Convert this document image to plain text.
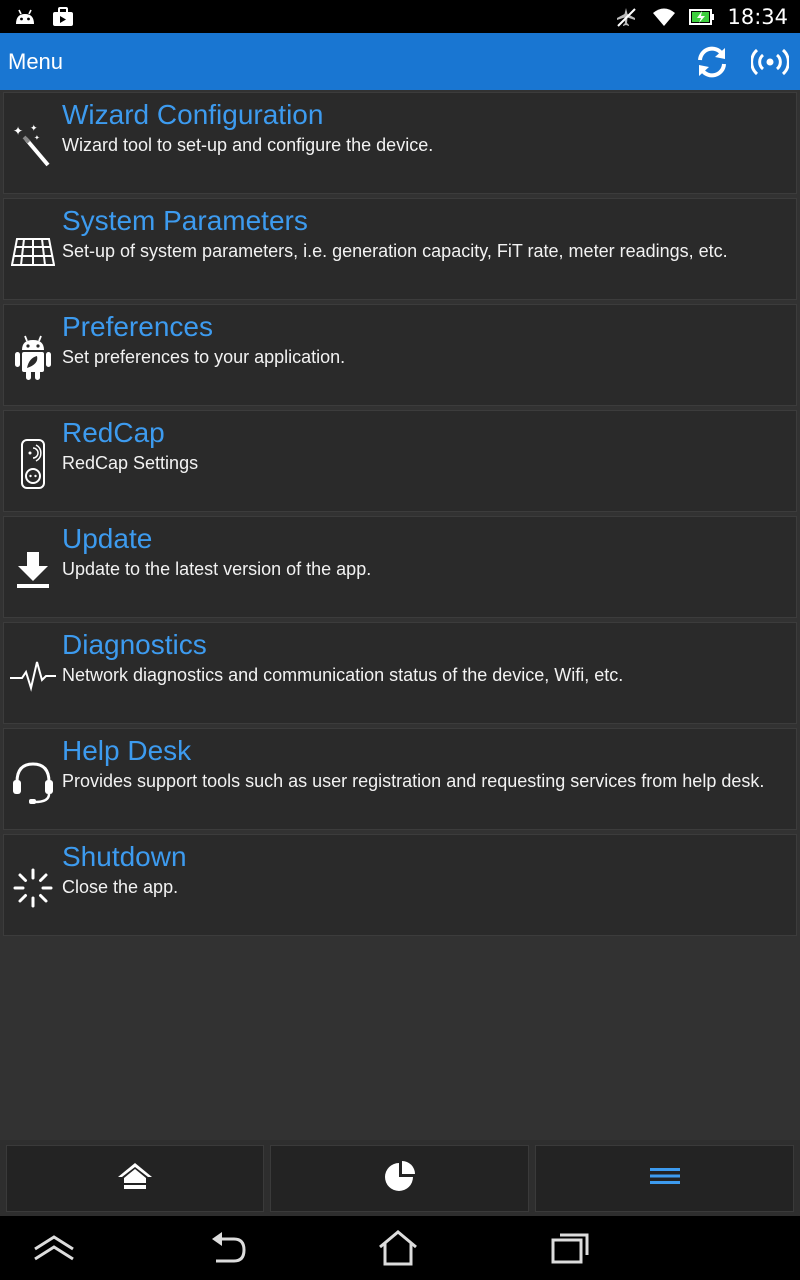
18:34
Menu
✦ ✦
✦
Wizard Configuration
Wizard tool to set-up and configure the device.
System Parameters
Set-up of system parameters, i.e. generation capacity, FiT rate, meter readings, etc.
Preferences
Set preferences to your application.
RedCap
RedCap Settings
Update
Update to the latest version of the app.
Diagnostics
Network diagnostics and communication status of the device, Wifi, etc.
Help Desk
Provides support tools such as user registration and requesting services from help desk.
Shutdown
Close the app.
